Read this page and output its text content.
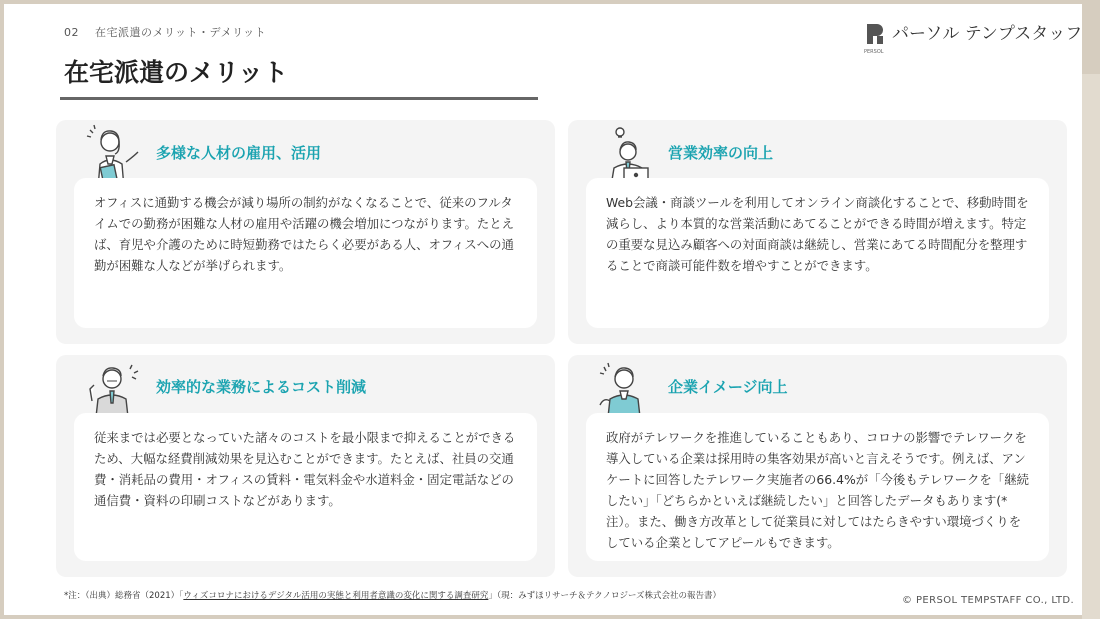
02 在宅派遣のメリット・デメリット
在宅派遣のメリット
PERSOL
パーソル テンプスタッフ
多様な人材の雇用、活用
オフィスに通勤する機会が減り場所の制約がなくなることで、従来のフルタイムでの勤務が困難な人材の雇用や活躍の機会増加につながります。たとえば、育児や介護のために時短勤務ではたらく必要がある人、オフィスへの通勤が困難な人などが挙げられます。
営業効率の向上
Web会議・商談ツールを利用してオンライン商談化することで、移動時間を減らし、より本質的な営業活動にあてることができる時間が増えます。特定の重要な見込み顧客への対面商談は継続し、営業にあてる時間配分を整理することで商談可能件数を増やすことができます。
効率的な業務によるコスト削減
従来までは必要となっていた諸々のコストを最小限まで抑えることができるため、大幅な経費削減効果を見込むことができます。たとえば、社員の交通費・消耗品の費用・オフィスの賃料・電気料金や水道料金・固定電話などの通信費・資料の印刷コストなどがあります。
企業イメージ向上
政府がテレワークを推進していることもあり、コロナの影響でテレワークを導入している企業は採用時の集客効果が高いと言えそうです。例えば、アンケートに回答したテレワーク実施者の66.4%が「今後もテレワークを「継続したい」「どちらかといえば継続したい」と回答したデータもあります(*注）。また、働き方改革として従業員に対してはたらきやすい環境づくりをしている企業としてアピールもできます。
*注：（出典）総務省（2021）「ウィズコロナにおけるデジタル活用の実態と利用者意識の変化に関する調査研究」（現：みずほリサーチ＆テクノロジーズ株式会社の報告書）	© PERSOL TEMPSTAFF CO., LTD.
